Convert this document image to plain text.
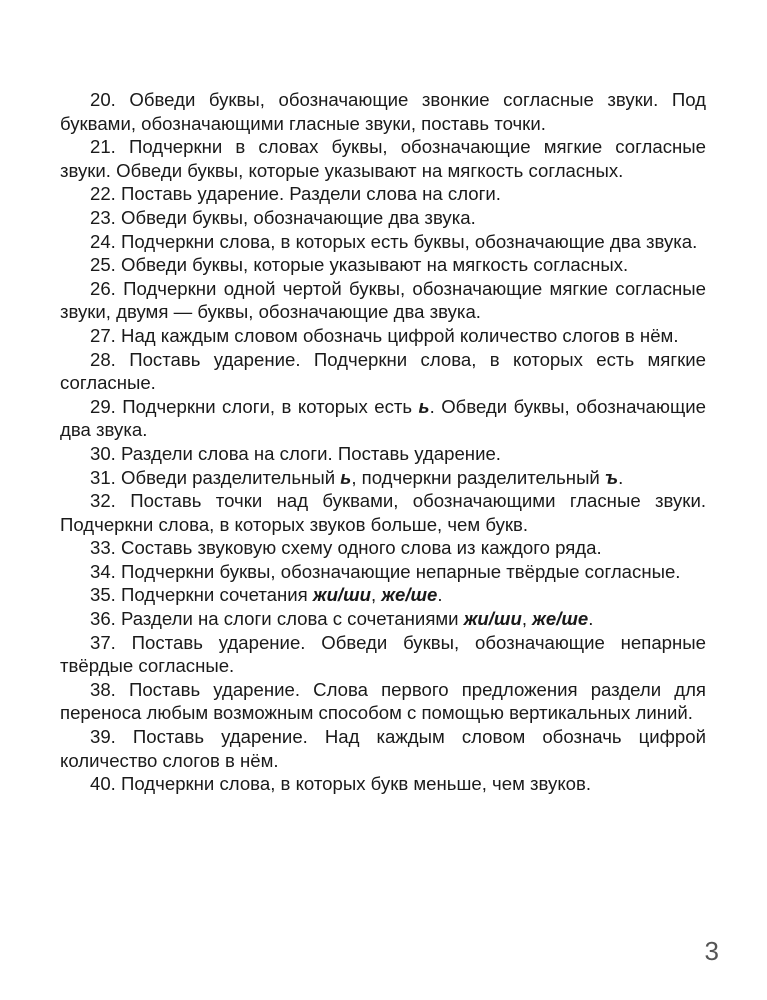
20. Обведи буквы, обозначающие звонкие согласные звуки. Под буквами, обозначающими гласные звуки, поставь точки.

21. Подчеркни в словах буквы, обозначающие мягкие согласные звуки. Обведи буквы, которые указывают на мягкость согласных.

22. Поставь ударение. Раздели слова на слоги.

23. Обведи буквы, обозначающие два звука.

24. Подчеркни слова, в которых есть буквы, обозначающие два звука.

25. Обведи буквы, которые указывают на мягкость согласных.

26. Подчеркни одной чертой буквы, обозначающие мягкие согласные звуки, двумя — буквы, обозначающие два звука.

27. Над каждым словом обозначь цифрой количество слогов в нём.

28. Поставь ударение. Подчеркни слова, в которых есть мягкие согласные.

29. Подчеркни слоги, в которых есть ь. Обведи буквы, обозначающие два звука.

30. Раздели слова на слоги. Поставь ударение.

31. Обведи разделительный ь, подчеркни разделительный ъ.

32. Поставь точки над буквами, обозначающими гласные звуки. Подчеркни слова, в которых звуков больше, чем букв.

33. Составь звуковую схему одного слова из каждого ряда.

34. Подчеркни буквы, обозначающие непарные твёрдые согласные.

35. Подчеркни сочетания жи/ши, же/ше.

36. Раздели на слоги слова с сочетаниями жи/ши, же/ше.

37. Поставь ударение. Обведи буквы, обозначающие непарные твёрдые согласные.

38. Поставь ударение. Слова первого предложения раздели для переноса любым возможным способом с помощью вертикальных линий.

39. Поставь ударение. Над каждым словом обозначь цифрой количество слогов в нём.

40. Подчеркни слова, в которых букв меньше, чем звуков.

3
